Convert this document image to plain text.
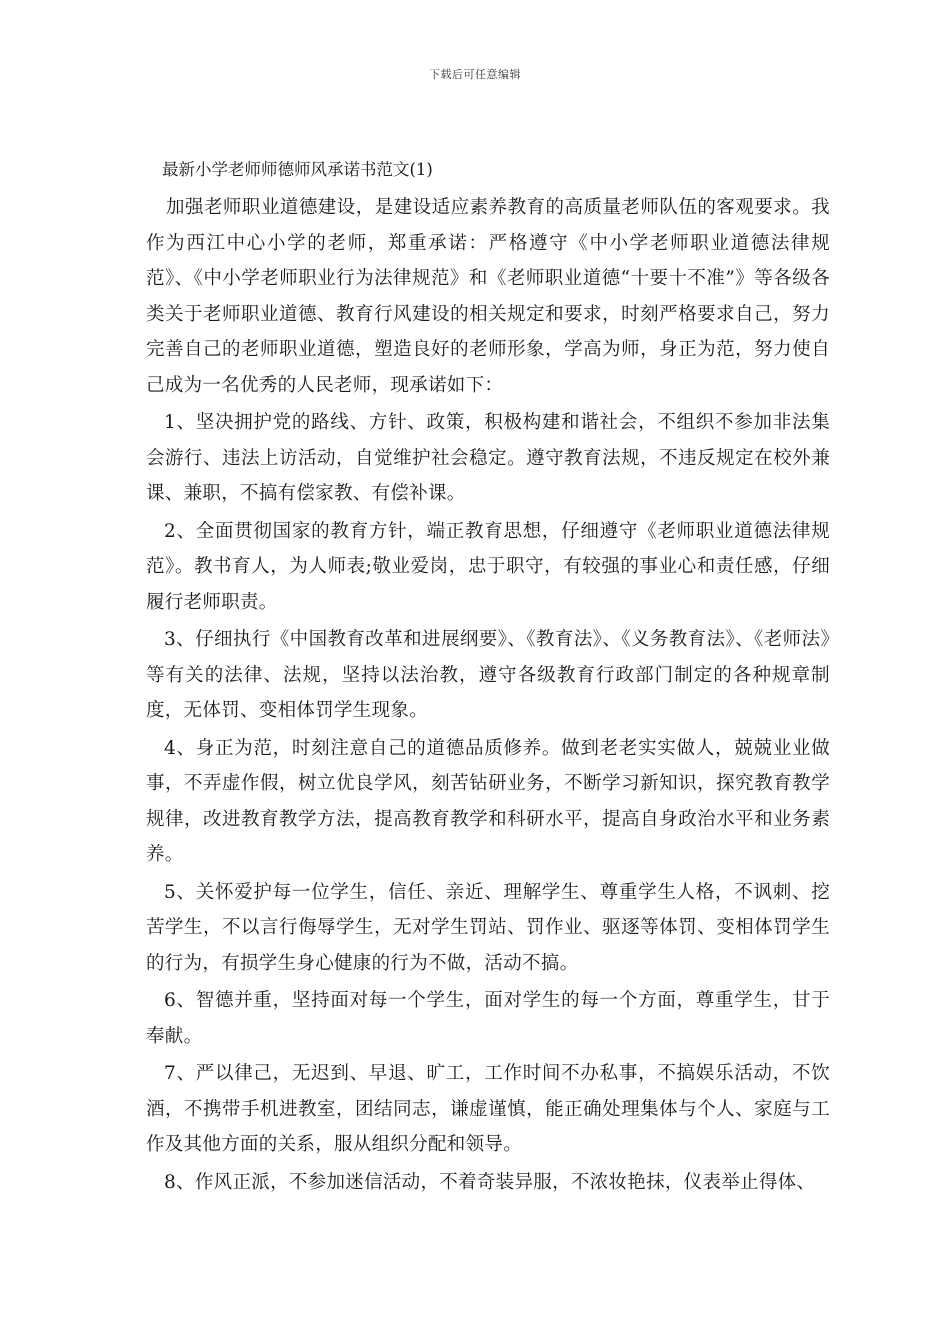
下载后可任意编辑
最新小学老师师德师风承诺书范文(1)

加强老师职业道德建设，是建设适应素养教育的高质量老师队伍的客观要求。我作为西江中心小学的老师，郑重承诺：严格遵守《中小学老师职业道德法律规范》、《中小学老师职业行为法律规范》和《老师职业道德“十要十不准”》等各级各类关于老师职业道德、教育行风建设的相关规定和要求，时刻严格要求自己，努力完善自己的老师职业道德，塑造良好的老师形象，学高为师，身正为范，努力使自己成为一名优秀的人民老师，现承诺如下：

1、坚决拥护党的路线、方针、政策，积极构建和谐社会，不组织不参加非法集会游行、违法上访活动，自觉维护社会稳定。遵守教育法规，不违反规定在校外兼课、兼职，不搞有偿家教、有偿补课。

2、全面贯彻国家的教育方针，端正教育思想，仔细遵守《老师职业道德法律规范》。教书育人，为人师表;敬业爱岗，忠于职守，有较强的事业心和责任感，仔细履行老师职责。

3、仔细执行《中国教育改革和进展纲要》、《教育法》、《义务教育法》、《老师法》等有关的法律、法规，坚持以法治教，遵守各级教育行政部门制定的各种规章制度，无体罚、变相体罚学生现象。

4、身正为范，时刻注意自己的道德品质修养。做到老老实实做人，兢兢业业做事，不弄虚作假，树立优良学风，刻苦钻研业务，不断学习新知识，探究教育教学规律，改进教育教学方法，提高教育教学和科研水平，提高自身政治水平和业务素养。

5、关怀爱护每一位学生，信任、亲近、理解学生、尊重学生人格，不讽刺、挖苦学生，不以言行侮辱学生，无对学生罚站、罚作业、驱逐等体罚、变相体罚学生的行为，有损学生身心健康的行为不做，活动不搞。

6、智德并重，坚持面对每一个学生，面对学生的每一个方面，尊重学生，甘于奉献。

7、严以律己，无迟到、早退、旷工，工作时间不办私事，不搞娱乐活动，不饮酒，不携带手机进教室，团结同志，谦虚谨慎，能正确处理集体与个人、家庭与工作及其他方面的关系，服从组织分配和领导。

8、作风正派，不参加迷信活动，不着奇装异服，不浓妆艳抹，仪表举止得体、
